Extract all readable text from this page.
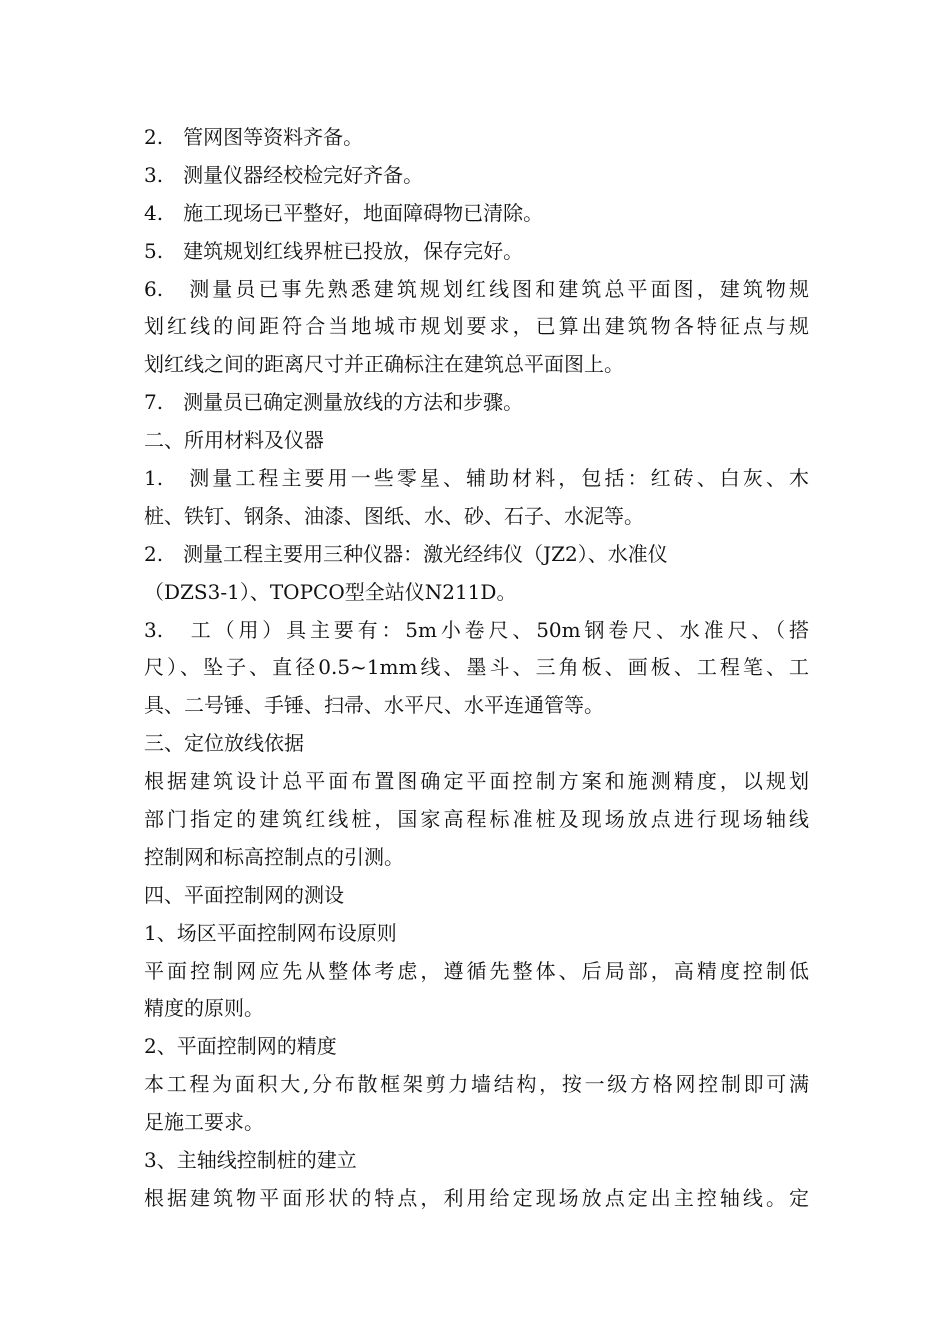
2.　管网图等资料齐备。
3.　测量仪器经校检完好齐备。
4.　施工现场已平整好，地面障碍物已清除。
5.　建筑规划红线界桩已投放，保存完好。
6.　测量员已事先熟悉建筑规划红线图和建筑总平面图，建筑物规
划红线的间距符合当地城市规划要求，已算出建筑物各特征点与规
划红线之间的距离尺寸并正确标注在建筑总平面图上。
7.　测量员已确定测量放线的方法和步骤。
二、所用材料及仪器
1.　测量工程主要用一些零星、辅助材料，包括：红砖、白灰、木
桩、铁钉、钢条、油漆、图纸、水、砂、石子、水泥等。
2.　测量工程主要用三种仪器：激光经纬仪（JZ2）、水准仪
（DZS3-1）、TOPCO型全站仪N211D。
3.　工（用）具主要有：5m小卷尺、50m钢卷尺、水准尺、（搭
尺）、坠子、直径0.5~1mm线、墨斗、三角板、画板、工程笔、工
具、二号锤、手锤、扫帚、水平尺、水平连通管等。
三、定位放线依据
根据建筑设计总平面布置图确定平面控制方案和施测精度，以规划
部门指定的建筑红线桩，国家高程标准桩及现场放点进行现场轴线
控制网和标高控制点的引测。
四、平面控制网的测设
1、场区平面控制网布设原则
平面控制网应先从整体考虑，遵循先整体、后局部，高精度控制低
精度的原则。
2、平面控制网的精度
本工程为面积大,分布散框架剪力墙结构，按一级方格网控制即可满
足施工要求。
3、主轴线控制桩的建立
根据建筑物平面形状的特点，利用给定现场放点定出主控轴线。定
